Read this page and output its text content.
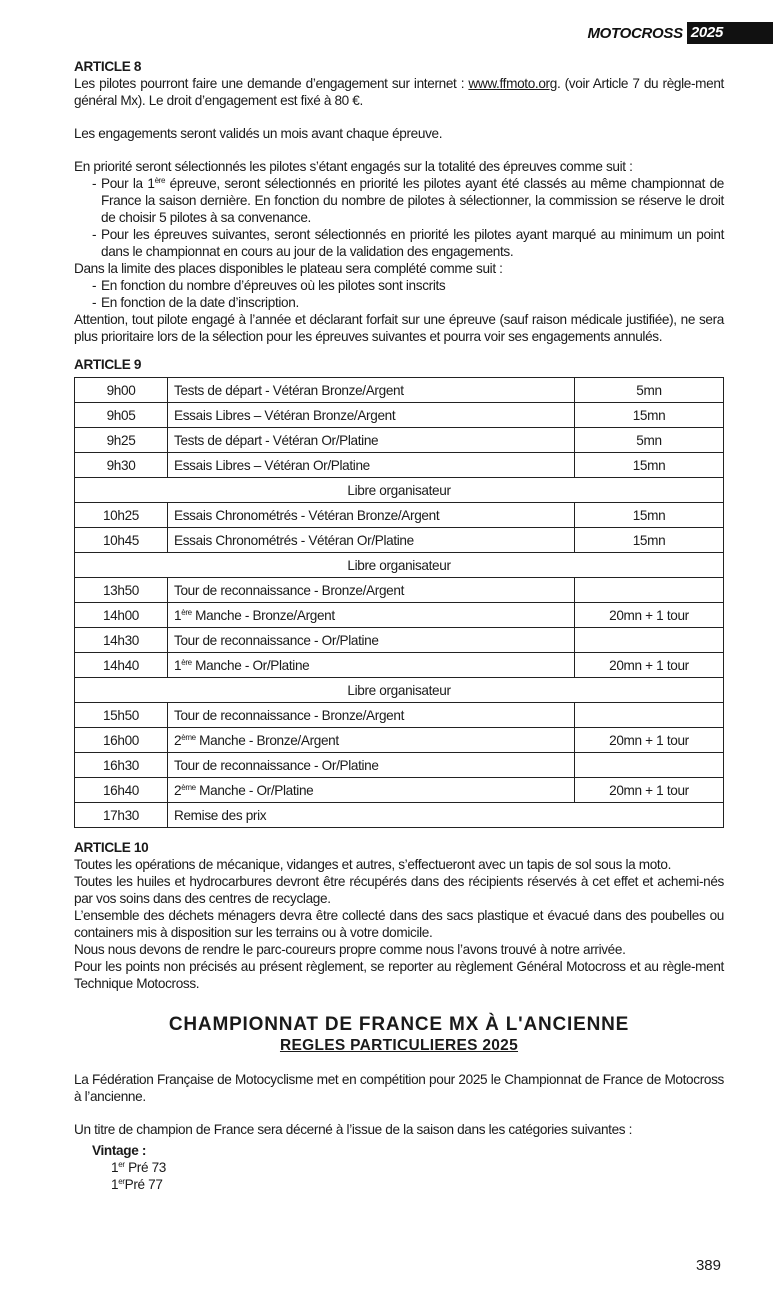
MOTOCROSS 2025

ARTICLE 8

Les pilotes pourront faire une demande d’engagement sur internet : www.ffmoto.org. (voir Article 7 du règle-ment général Mx). Le droit d’engagement est fixé à 80 €.

Les engagements seront validés un mois avant chaque épreuve.

En priorité seront sélectionnés les pilotes s’étant engagés sur la totalité des épreuves comme suit :

- Pour la 1ère épreuve, seront sélectionnés en priorité les pilotes ayant été classés au même championnat de France la saison dernière. En fonction du nombre de pilotes à sélectionner, la commission se réserve le droit de choisir 5 pilotes à sa convenance.
- Pour les épreuves suivantes, seront sélectionnés en priorité les pilotes ayant marqué au minimum un point dans le championnat en cours au jour de la validation des engagements.

Dans la limite des places disponibles le plateau sera complété comme suit :

- En fonction du nombre d’épreuves où les pilotes sont inscrits
- En fonction de la date d’inscription.

Attention, tout pilote engagé à l’année et déclarant forfait sur une épreuve (sauf raison médicale justifiée), ne sera plus prioritaire lors de la sélection pour les épreuves suivantes et pourra voir ses engagements annulés.

ARTICLE 9

9h00	Tests de départ - Vétéran Bronze/Argent	5mn
9h05	Essais Libres – Vétéran Bronze/Argent	15mn
9h25	Tests de départ - Vétéran Or/Platine	5mn
9h30	Essais Libres – Vétéran Or/Platine	15mn
Libre organisateur		
10h25	Essais Chronométrés - Vétéran Bronze/Argent	15mn
10h45	Essais Chronométrés - Vétéran Or/Platine	15mn
Libre organisateur		
13h50	Tour de reconnaissance - Bronze/Argent	
14h00	1ère Manche - Bronze/Argent	20mn + 1 tour
14h30	Tour de reconnaissance - Or/Platine	
14h40	1ère Manche - Or/Platine	20mn + 1 tour
Libre organisateur		
15h50	Tour de reconnaissance - Bronze/Argent	
16h00	2ème Manche - Bronze/Argent	20mn + 1 tour
16h30	Tour de reconnaissance - Or/Platine	
16h40	2ème Manche - Or/Platine	20mn + 1 tour
17h30	Remise des prix	

ARTICLE 10

Toutes les opérations de mécanique, vidanges et autres, s’effectueront avec un tapis de sol sous la moto.

Toutes les huiles et hydrocarbures devront être récupérés dans des récipients réservés à cet effet et achemi-nés par vos soins dans des centres de recyclage.

L’ensemble des déchets ménagers devra être collecté dans des sacs plastique et évacué dans des poubelles ou containers mis à disposition sur les terrains ou à votre domicile.

Nous nous devons de rendre le parc-coureurs propre comme nous l’avons trouvé à notre arrivée.

Pour les points non précisés au présent règlement, se reporter au règlement Général Motocross et au règle-ment Technique Motocross.

CHAMPIONNAT DE FRANCE MX À L'ANCIENNE
REGLES PARTICULIERES 2025

La Fédération Française de Motocyclisme met en compétition pour 2025 le Championnat de France de Motocross à l’ancienne.

Un titre de champion de France sera décerné à l’issue de la saison dans les catégories suivantes :

Vintage :

1er Pré 73

1erPré 77

389
